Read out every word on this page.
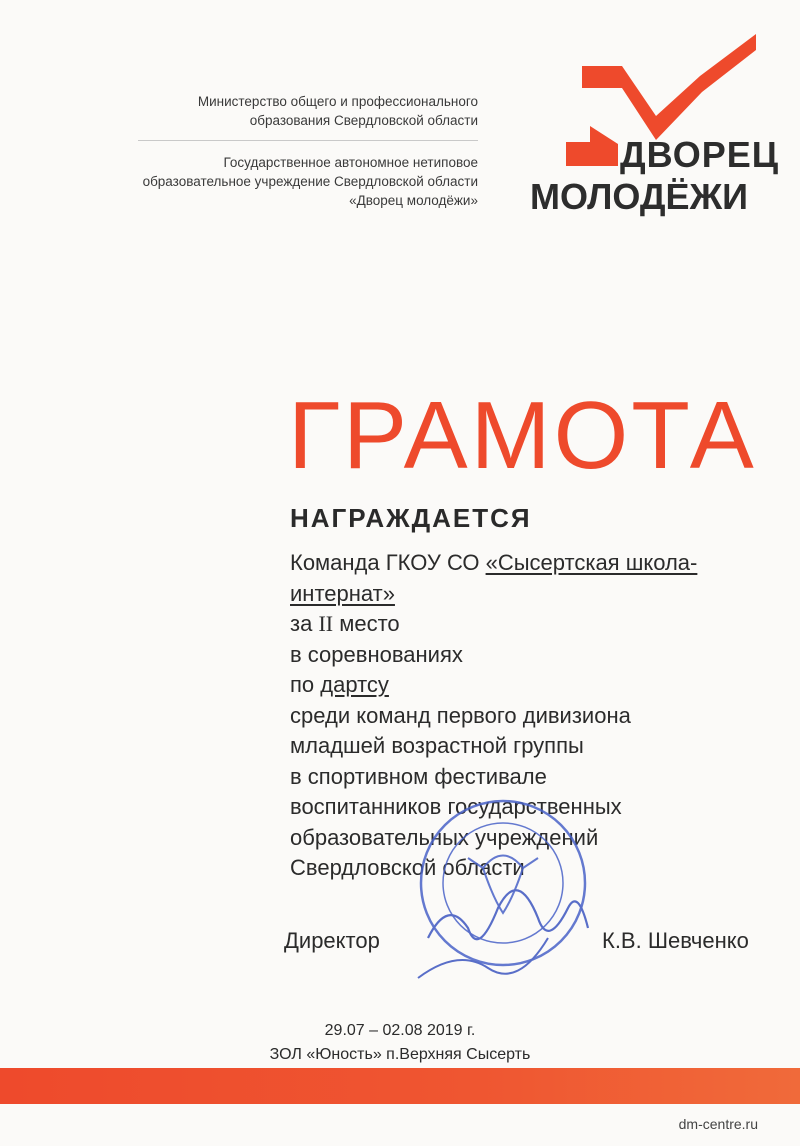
Министерство общего и профессионального
образования Свердловской области
Государственное автономное нетиповое
образовательное учреждение Свердловской области
«Дворец молодёжи»
ДВОРЕЦ
МОЛОДЁЖИ
ГРАМОТА
НАГРАЖДАЕТСЯ
Команда ГКОУ СО «Сысертская школа-
интернат»
за II место
в соревнованиях
по дартсу
среди команд первого дивизиона
младшей возрастной группы
в спортивном фестивале
воспитанников государственных
образовательных учреждений
Свердловской области
Директор	К.В. Шевченко
29.07 – 02.08 2019 г.
ЗОЛ «Юность» п.Верхняя Сысерть
dm-centre.ru
